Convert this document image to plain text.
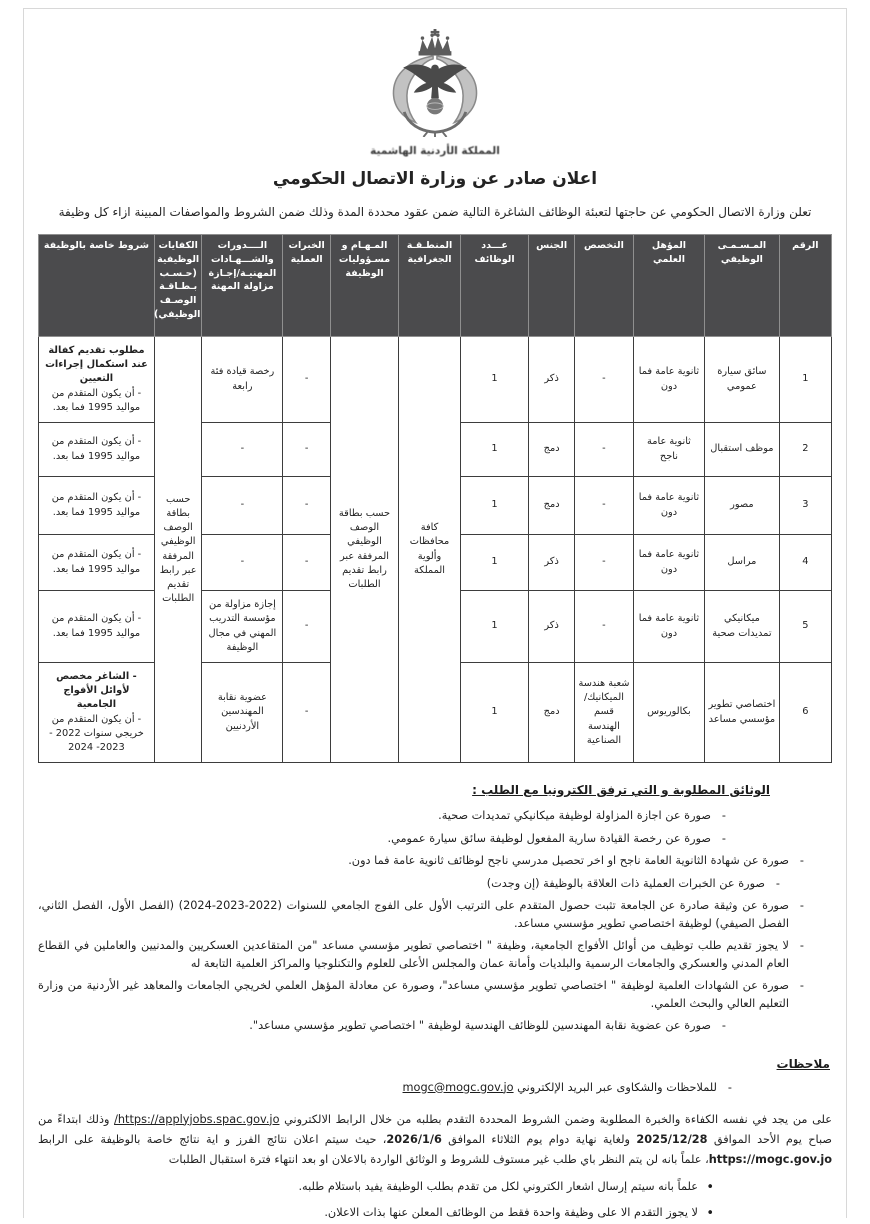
المملكة الأردنية الهاشمية
اعلان صادر عن وزارة الاتصال الحكومي
تعلن وزارة الاتصال الحكومي عن حاجتها لتعبئة الوظائف الشاغرة التالية ضمن عقود محددة المدة وذلك ضمن الشروط والمواصفات المبينة ازاء كل وظيفة
الرقم	المـسـمـى الوظيفي	المؤهل العلمي	التخصص	الجنس	عـــدد الوظائف	المنطـقـة الجغرافية	المـهـام و مسـؤوليات الوظيفة	الخبرات العملية	الــــدورات والشـــهـادات المهنيـة/إجـازة مزاولة المهنة	الكفايات الوظيفية (حـسـب بـطـاقـة الوصـف الوظيفي)	شروط خاصة بالوظيفة
1	سائق سيارة عمومي	ثانوية عامة فما دون	-	ذكر	1	كافة محافظات وألوية المملكة	حسب بطاقة الوصف الوظيفي المرفقة عبر رابط تقديم الطلبات	-	رخصة قيادة فئة رابعة	حسب بطاقة الوصف الوظيفي المرفقة عبر رابط تقديم الطلبات	مطلوب تقديم كفالة عند استكمال إجراءات التعيين
- أن يكون المتقدم من مواليد 1995 فما بعد.

2	موظف استقبال	ثانوية عامة ناجح	-	دمج	1			-	-		- أن يكون المتقدم من مواليد 1995 فما بعد.

3	مصور	ثانوية عامة فما دون	-	دمج	1			-	-		- أن يكون المتقدم من مواليد 1995 فما بعد.

4	مراسل	ثانوية عامة فما دون	-	ذكر	1			-	-		- أن يكون المتقدم من مواليد 1995 فما بعد.

5	ميكانيكي تمديدات صحية	ثانوية عامة فما دون	-	ذكر	1			-	إجازة مزاولة من مؤسسة التدريب المهني في مجال الوظيفة		- أن يكون المتقدم من مواليد 1995 فما بعد.

6	اختصاصي تطوير مؤسسي مساعد	بكالوريوس	شعبة هندسة الميكانيك/ قسم الهندسة الصناعية	دمج	1			-	عضوية نقابة المهندسين الأردنيين		- الشاغر مخصص لأوائل الأفواج الجامعية
- أن يكون المتقدم من خريجي سنوات 2022 - 2023- 2024
الوثائق المطلوبة و التي ترفق الكترونيا مع الطلب :
- صورة عن اجازة المزاولة لوظيفة ميكانيكي تمديدات صحية.
- صورة عن رخصة القيادة سارية المفعول لوظيفة سائق سيارة عمومي.
- صورة عن شهادة الثانوية العامة ناجح او اخر تحصيل مدرسي ناجح لوظائف ثانوية عامة فما دون.
- صورة عن الخبرات العملية ذات العلاقة بالوظيفة (إن وجدت)
- صورة عن وثيقة صادرة عن الجامعة تثبت حصول المتقدم على الترتيب الأول على الفوج الجامعي للسنوات (2022-2023-2024) (الفصل الأول، الفصل الثاني، الفصل الصيفي) لوظيفة اختصاصي تطوير مؤسسي مساعد.
- لا يجوز تقديم طلب توظيف من أوائل الأفواج الجامعية، وظيفة " اختصاصي تطوير مؤسسي مساعد "من المتقاعدين العسكريين والمدنيين والعاملين في القطاع العام المدني والعسكري والجامعات الرسمية والبلديات وأمانة عمان والمجلس الأعلى للعلوم والتكنلوجيا والمراكز العلمية التابعة له
- صورة عن الشهادات العلمية لوظيفة " اختصاصي تطوير مؤسسي مساعد"، وصورة عن معادلة المؤهل العلمي لخريجي الجامعات والمعاهد غير الأردنية من وزارة التعليم العالي والبحث العلمي.
- صورة عن عضوية نقابة المهندسين للوظائف الهندسية لوظيفة " اختصاصي تطوير مؤسسي مساعد".
ملاحظات
- للملاحظات والشكاوى عبر البريد الإلكتروني mogc@mogc.gov.jo
على من يجد في نفسه الكفاءة والخبرة المطلوبة وضمن الشروط المحددة التقدم بطلبه من خلال الرابط الالكتروني /https://applyjobs.spac.gov.jo وذلك ابتداءً من صباح يوم الأحد الموافق 2025/12/28 ولغاية نهاية دوام يوم الثلاثاء الموافق 2026/1/6، حيث سيتم اعلان نتائج الفرز و اية نتائج خاصة بالوظيفة على الرابط https://mogc.gov.jo، علماً بانه لن يتم النظر باي طلب غير مستوف للشروط و الوثائق الواردة بالاعلان او بعد انتهاء فترة استقبال الطلبات
• علماً بانه سيتم إرسال اشعار الكتروني لكل من تقدم بطلب الوظيفة يفيد باستلام طلبه.
• لا يجوز التقدم الا على وظيفة واحدة فقط من الوظائف المعلن عنها بذات الاعلان.
